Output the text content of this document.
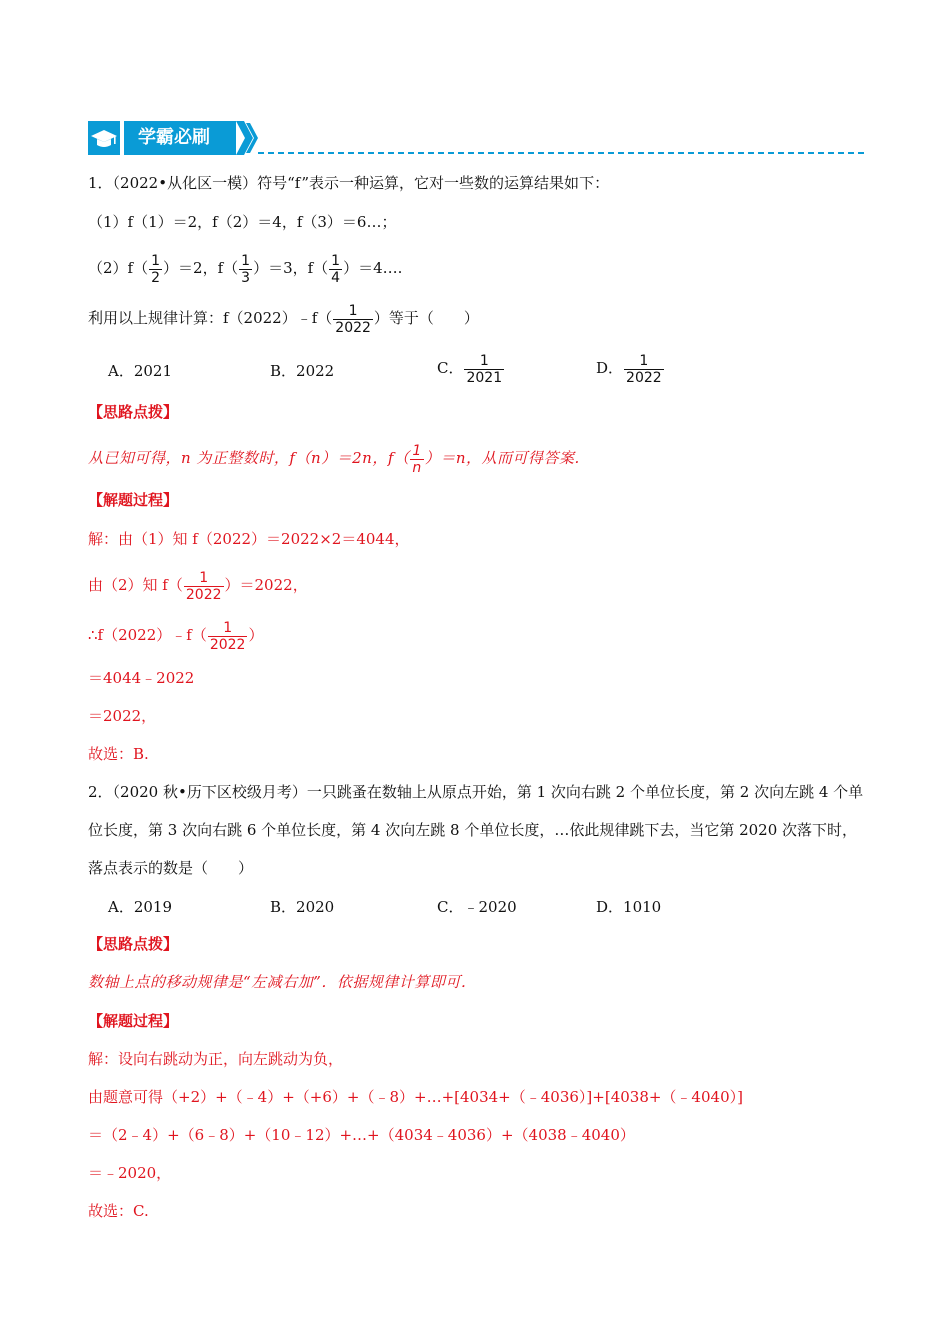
学霸必刷
1．（2022•从化区一模）符号“f”表示一种运算，它对一些数的运算结果如下：
（1）f（1）＝2，f（2）＝4，f（3）＝6…；
$(2)f( \frac{1}{2} )=2$，$f( \frac{1}{3} )=3$，$f( \frac{1}{4}$ ）＝4….
利用以上规律计算：f（2022）﹣f（ $\frac{1}{2022}$ ）等于（　　）
A．2021	B．2022	C． $\frac{1}{2021}$	D． $\frac{1}{2022}$
【思路点拨】
从已知可得，n 为正整数时，f（n）＝2n，$f( \frac{1}{n} )=n$，从而可得答案.
【解题过程】
解：由（1）知 f（2022）＝2022×2＝4044，
由（2）知 $f( \frac{1}{2022} )=2022$，
∴f（2022）﹣f（ $\frac{1}{2022}$ ）
＝4044﹣2022
＝2022，
故选：B.
2．（2020 秋•历下区校级月考）一只跳蚤在数轴上从原点开始，第 1 次向右跳 2 个单位长度，第 2 次向左跳 4 个单位长度，第 3 次向右跳 6 个单位长度，第 4 次向左跳 8 个单位长度，…依此规律跳下去，当它第 2020 次落下时，落点表示的数是（　　）
A．2019	B．2020	C．﹣2020	D．1010
【思路点拨】
数轴上点的移动规律是“左减右加”．依据规律计算即可．
【解题过程】
解：设向右跳动为正，向左跳动为负，
由题意可得（+2）+（﹣4）+（+6）+（﹣8）+…+[4034+（﹣4036）]+[4038+（﹣4040）]
＝（2﹣4）+（6﹣8）+（10﹣12）+…+（4034﹣4036）+（4038﹣4040）
＝﹣2020，
故选：C.
